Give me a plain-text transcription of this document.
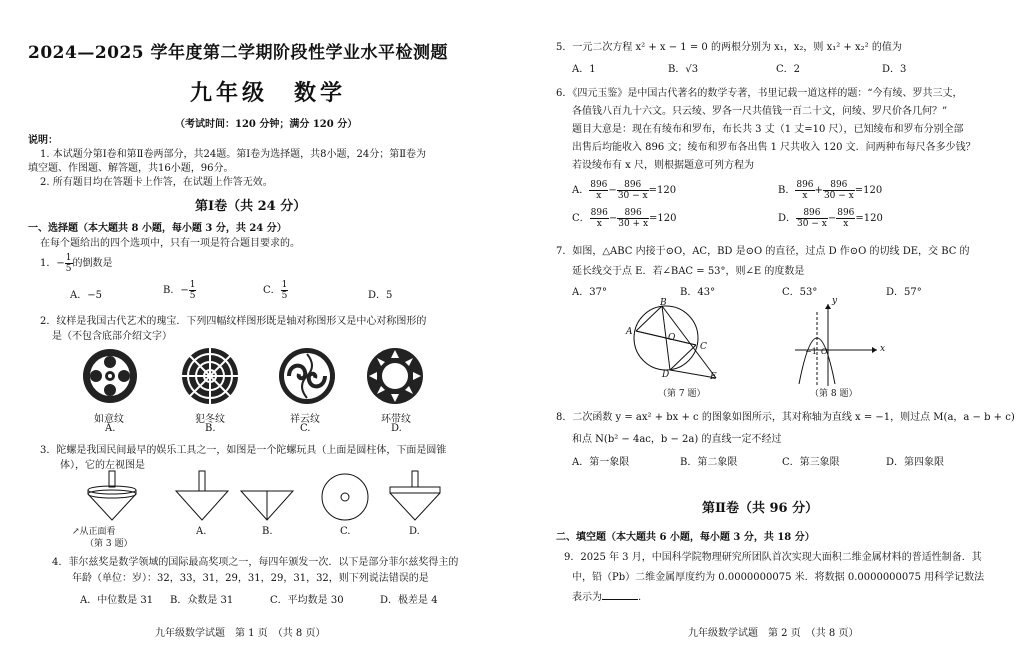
2024—2025 学年度第二学期阶段性学业水平检测题
九年级　数学
（考试时间：120 分钟；满分 120 分）
说明：
1. 本试题分第Ⅰ卷和第Ⅱ卷两部分，共24题。第Ⅰ卷为选择题，共8小题，24分；第Ⅱ卷为
填空题、作图题、解答题，共16小题，96分。
2. 所有题目均在答题卡上作答，在试题上作答无效。
第Ⅰ卷（共 24 分）
一、选择题（本大题共 8 小题，每小题 3 分，共 24 分）
在每个题给出的四个选项中，只有一项是符合题目要求的。
1．− $\frac{1}{5}$ 的倒数是
A．−5	B．− $\frac{1}{5}$	C． $\frac{1}{5}$	D．5
2．纹样是我国古代艺术的瑰宝．下列四幅纹样图形既是轴对称图形又是中心对称图形的
是（不包含底部介绍文字）
如意纹	犯冬纹	祥云纹	环带纹
A.	B.	C.	D.
3．陀螺是我国民间最早的娱乐工具之一，如图是一个陀螺玩具（上面是圆柱体，下面是圆锥
体），它的左视图是
↗从正面看
（第 3 题）
A.	B.	C.	D.
4．菲尔兹奖是数学领域的国际最高奖项之一，每四年颁发一次．以下是部分菲尔兹奖得主的
年龄（单位：岁）：32，33，31，29，31，29，31，32，则下列说法错误的是
A．中位数是 31 B．众数是 31	C．平均数是 30	D．极差是 4
九年级数学试题　第 1 页　（共 8 页）
5．一元二次方程 x² + x − 1 = 0 的两根分别为 x₁，x₂，则 x₁² + x₂² 的值为
A．1	B．√3	C．2	D．3
6．《四元玉鉴》是中国古代著名的数学专著，书里记载一道这样的题：“今有绫、罗共三丈，
各值钱八百九十六文。只云绫、罗各一尺共值钱一百二十文，问绫、罗尺价各几何？”
题目大意是：现在有绫布和罗布，布长共 3 丈（1 丈=10 尺），已知绫布和罗布分别全部
出售后均能收入 896 文；绫布和罗布各出售 1 尺共收入 120 文．问两种布每尺各多少钱？
若设绫布有 x 尺，则根据题意可列方程为
A． $\frac{896}{x} - \frac{896}{30 - x} =120$	B． $\frac{896}{x} + \frac{896}{30 - x} =120$
C． $\frac{896}{x} - \frac{896}{30 + x} =120$	D． $\frac{896}{30 - x} - \frac{896}{x} =120$
7．如图，△ABC 内接于⊙O，AC，BD 是⊙O 的直径，过点 D 作⊙O 的切线 DE，交 BC 的
延长线交于点 E．若∠BAC = 53°，则∠E 的度数是
A．37°	B．43°	C．53°	D．57°
B
A
O
C
D	E
（第 7 题）
y
x
−1 O
（第 8 题）
8．二次函数 y = ax² + bx + c 的图象如图所示，其对称轴为直线 x = −1，则过点 M(a，a − b + c)
和点 N(b² − 4ac，b − 2a) 的直线一定不经过
A．第一象限	B．第二象限	C．第三象限	D．第四象限
第Ⅱ卷（共 96 分）
二、填空题（本大题共 6 小题，每小题 3 分，共 18 分）
9．2025 年 3 月，中国科学院物理研究所团队首次实现大面积二维金属材料的普适性制备．其
中，铅（Pb）二维金属厚度约为 0.0000000075 米．将数据 0.0000000075 用科学记数法
表示为	.
九年级数学试题　第 2 页　（共 8 页）
